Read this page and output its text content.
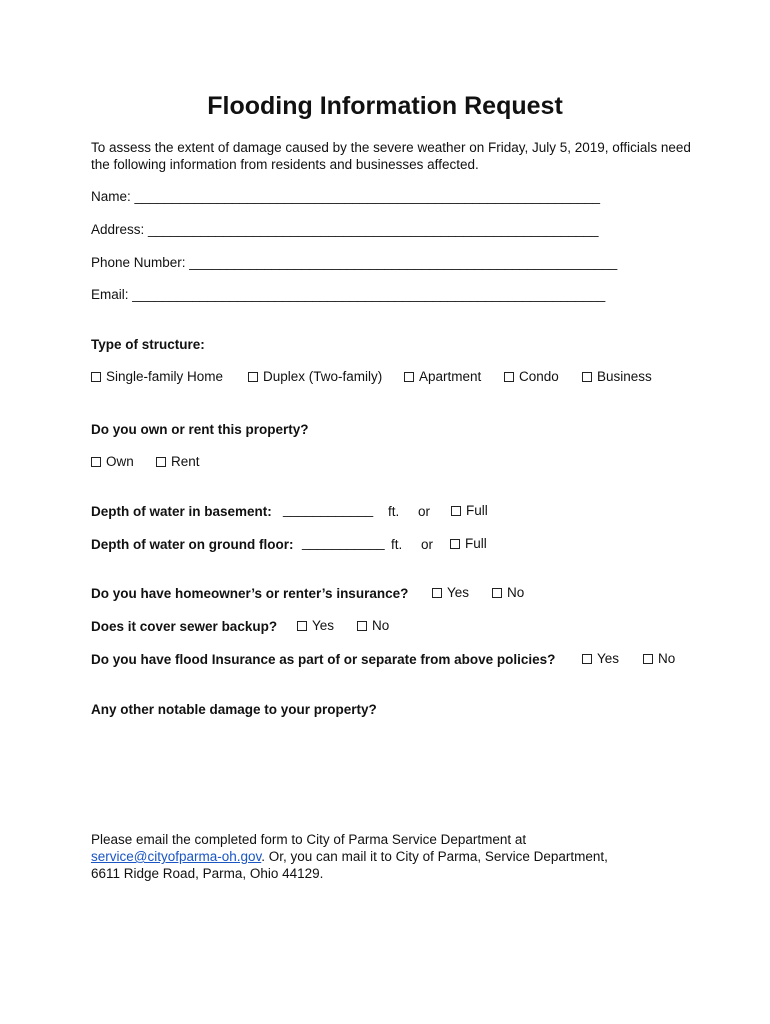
Flooding Information Request
To assess the extent of damage caused by the severe weather on Friday, July 5, 2019, officials need the following information from residents and businesses affected.
Name: ______________________________________________________________
Address: ____________________________________________________________
Phone Number: _________________________________________________________
Email: _______________________________________________________________
Type of structure:
Single-family Home	Duplex (Two-family)	Apartment	Condo	Business
Do you own or rent this property?
Own	Rent
Depth of water in basement: ____________ ft. or	Full
Depth of water on ground floor: ___________ ft. or	Full
Do you have homeowner’s or renter’s insurance?	Yes	No
Does it cover sewer backup?	Yes	No
Do you have flood Insurance as part of or separate from above policies?	Yes	No
Any other notable damage to your property?
Please email the completed form to City of Parma Service Department at
service@cityofparma-oh.gov. Or, you can mail it to City of Parma, Service Department,
6611 Ridge Road, Parma, Ohio 44129.
